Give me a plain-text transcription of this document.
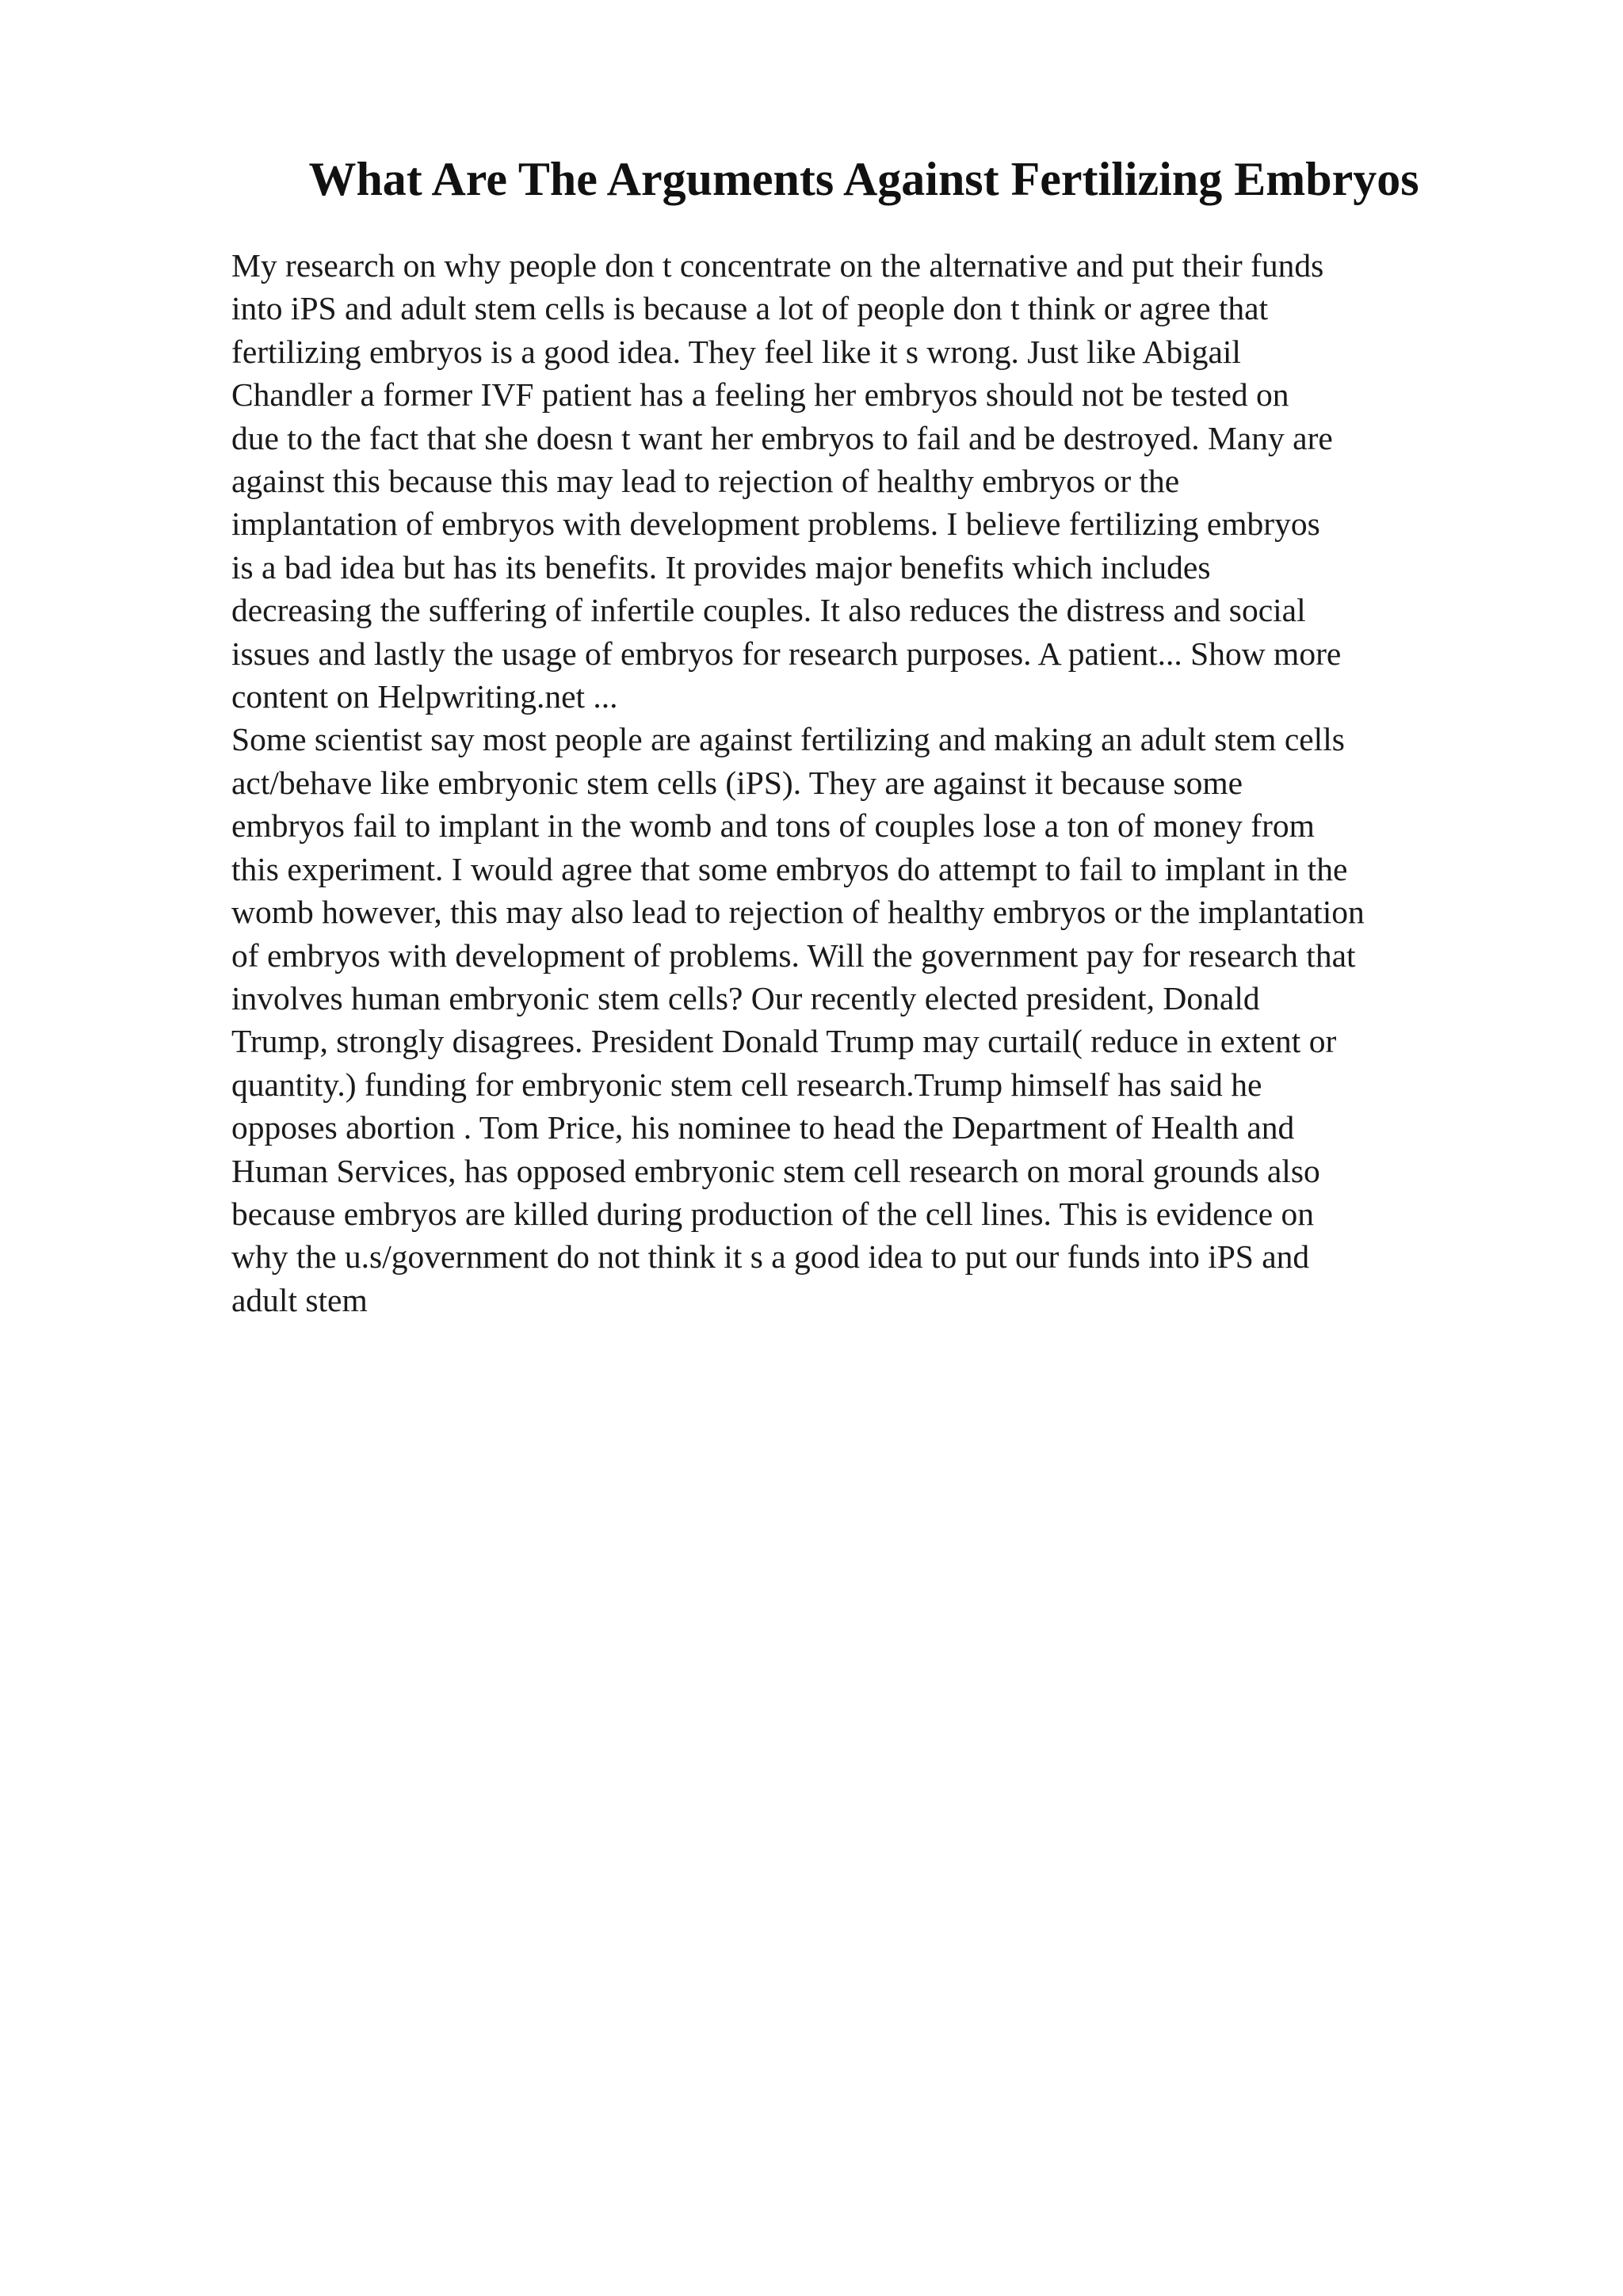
What Are The Arguments Against Fertilizing Embryos
My research on why people don t concentrate on the alternative and put their funds
into iPS and adult stem cells is because a lot of people don t think or agree that
fertilizing embryos is a good idea. They feel like it s wrong. Just like Abigail
Chandler a former IVF patient has a feeling her embryos should not be tested on
due to the fact that she doesn t want her embryos to fail and be destroyed. Many are
against this because this may lead to rejection of healthy embryos or the
implantation of embryos with development problems. I believe fertilizing embryos
is a bad idea but has its benefits. It provides major benefits which includes
decreasing the suffering of infertile couples. It also reduces the distress and social
issues and lastly the usage of embryos for research purposes. A patient... Show more
content on Helpwriting.net ...
Some scientist say most people are against fertilizing and making an adult stem cells
act/behave like embryonic stem cells (iPS). They are against it because some
embryos fail to implant in the womb and tons of couples lose a ton of money from
this experiment. I would agree that some embryos do attempt to fail to implant in the
womb however, this may also lead to rejection of healthy embryos or the implantation
of embryos with development of problems. Will the government pay for research that
involves human embryonic stem cells? Our recently elected president, Donald
Trump, strongly disagrees. President Donald Trump may curtail( reduce in extent or
quantity.) funding for embryonic stem cell research.Trump himself has said he
opposes abortion . Tom Price, his nominee to head the Department of Health and
Human Services, has opposed embryonic stem cell research on moral grounds also
because embryos are killed during production of the cell lines. This is evidence on
why the u.s/government do not think it s a good idea to put our funds into iPS and
adult stem
